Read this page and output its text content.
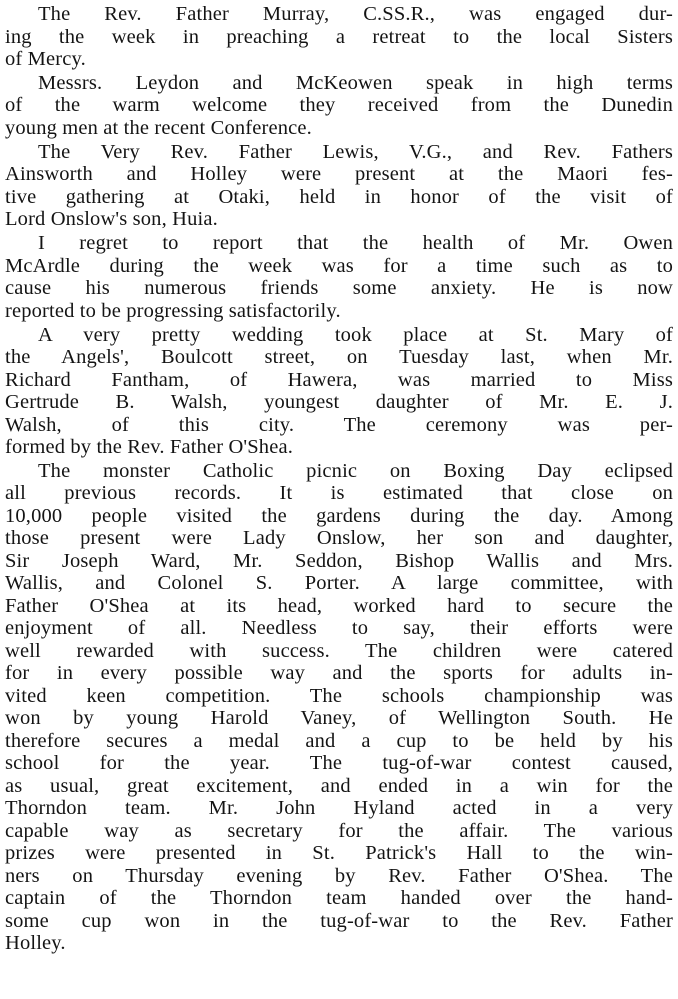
The Rev. Father Murray, C.SS.R., was engaged dur-
ing the week in preaching a retreat to the local Sisters
of Mercy.
Messrs. Leydon and McKeowen speak in high terms
of the warm welcome they received from the Dunedin
young men at the recent Conference.
The Very Rev. Father Lewis, V.G., and Rev. Fathers
Ainsworth and Holley were present at the Maori fes-
tive gathering at Otaki, held in honor of the visit of
Lord Onslow's son, Huia.
I regret to report that the health of Mr. Owen
McArdle during the week was for a time such as to
cause his numerous friends some anxiety. He is now
reported to be progressing satisfactorily.
A very pretty wedding took place at St. Mary of
the Angels', Boulcott street, on Tuesday last, when Mr.
Richard Fantham, of Hawera, was married to Miss
Gertrude B. Walsh, youngest daughter of Mr. E. J.
Walsh, of this city. The ceremony was per-
formed by the Rev. Father O'Shea.
The monster Catholic picnic on Boxing Day eclipsed
all previous records. It is estimated that close on
10,000 people visited the gardens during the day. Among
those present were Lady Onslow, her son and daughter,
Sir Joseph Ward, Mr. Seddon, Bishop Wallis and Mrs.
Wallis, and Colonel S. Porter. A large committee, with
Father O'Shea at its head, worked hard to secure the
enjoyment of all. Needless to say, their efforts were
well rewarded with success. The children were catered
for in every possible way and the sports for adults in-
vited keen competition. The schools championship was
won by young Harold Vaney, of Wellington South. He
therefore secures a medal and a cup to be held by his
school for the year. The tug-of-war contest caused,
as usual, great excitement, and ended in a win for the
Thorndon team. Mr. John Hyland acted in a very
capable way as secretary for the affair. The various
prizes were presented in St. Patrick's Hall to the win-
ners on Thursday evening by Rev. Father O'Shea. The
captain of the Thorndon team handed over the hand-
some cup won in the tug-of-war to the Rev. Father
Holley.
